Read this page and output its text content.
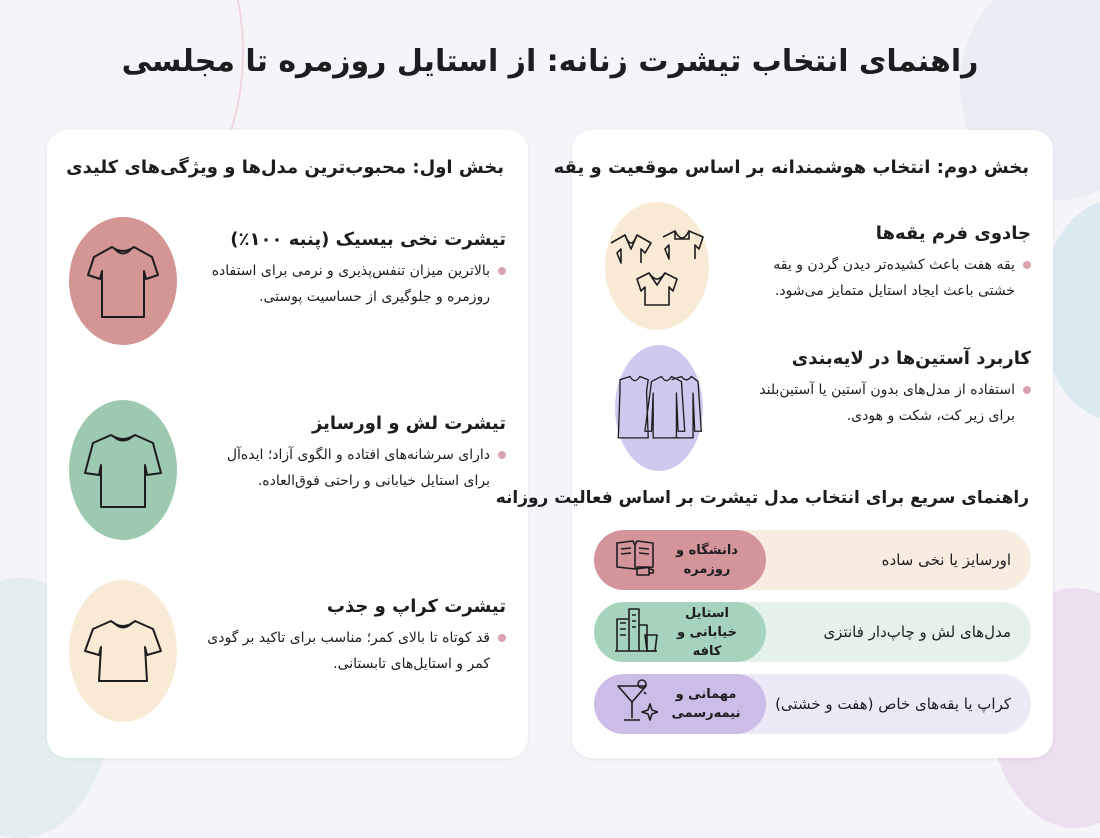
راهنمای انتخاب تیشرت زنانه: از استایل روزمره تا مجلسی
بخش اول: محبوب‌ترین مدل‌ها و ویژگی‌های کلیدی
تیشرت نخی بیسیک (پنبه ۱۰۰٪)
بالاترین میزان تنفس‌پذیری و نرمی برای استفاده روزمره و جلوگیری از حساسیت پوستی.
تیشرت لش و اورسایز
دارای سرشانه‌های افتاده و الگوی آزاد؛ ایده‌آل برای استایل خیابانی و راحتی فوق‌العاده.
تیشرت کراپ و جذب
قد کوتاه تا بالای کمر؛ مناسب برای تاکید بر گودی کمر و استایل‌های تابستانی.
بخش دوم: انتخاب هوشمندانه بر اساس موقعیت و یقه
جادوی فرم یقه‌ها
یقه هفت باعث کشیده‌تر دیدن گردن و یقه خشتی باعث ایجاد استایل متمایز می‌شود.
کاربرد آستین‌ها در لایه‌بندی
استفاده از مدل‌های بدون آستین یا آستین‌بلند برای زیر کت، شکت و هودی.
راهنمای سریع برای انتخاب مدل تیشرت بر اساس فعالیت روزانه
اورسایز یا نخی ساده
دانشگاه و روزمره
مدل‌های لش و چاپ‌دار فانتزی
استایل خیابانی و کافه
کراپ یا یقه‌های خاص (هفت و خشتی)
مهمانی و نیمه‌رسمی
